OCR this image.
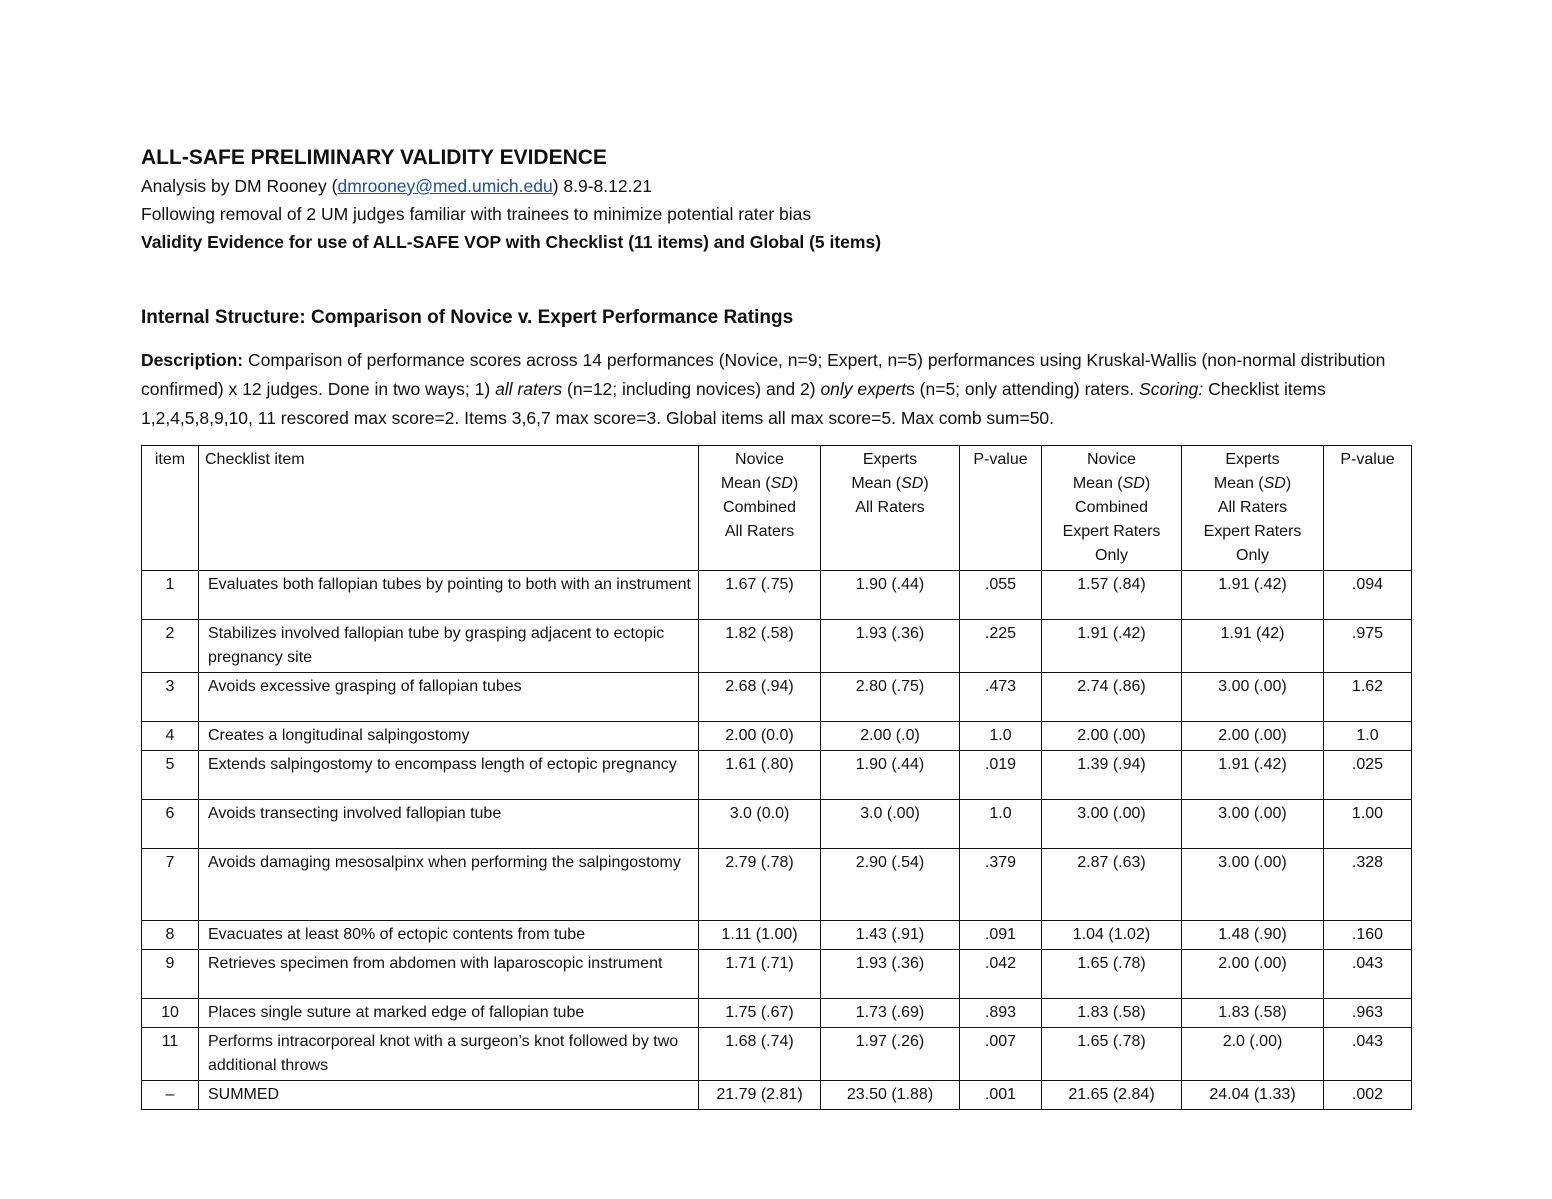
ALL-SAFE PRELIMINARY VALIDITY EVIDENCE

Analysis by DM Rooney (dmrooney@med.umich.edu) 8.9-8.12.21

Following removal of 2 UM judges familiar with trainees to minimize potential rater bias

Validity Evidence for use of ALL-SAFE VOP with Checklist (11 items) and Global (5 items)

Internal Structure: Comparison of Novice v. Expert Performance Ratings
Description: Comparison of performance scores across 14 performances (Novice, n=9; Expert, n=5) performances using Kruskal-Wallis (non-normal distribution confirmed) x 12 judges. Done in two ways; 1) all raters (n=12; including novices) and 2) only experts (n=5; only attending) raters. Scoring: Checklist items 1,2,4,5,8,9,10, 11 rescored max score=2. Items 3,6,7 max score=3. Global items all max score=5. Max comb sum=50.
item	Checklist item	Novice
Mean (SD)
Combined
All Raters	Experts
Mean (SD)
All Raters	P-value	Novice
Mean (SD)
Combined
Expert Raters
Only	Experts
Mean (SD)
All Raters
Expert Raters
Only	P-value
1	Evaluates both fallopian tubes by pointing to both with an instrument	1.67 (.75)	1.90 (.44)	.055	1.57 (.84)	1.91 (.42)	.094
2	Stabilizes involved fallopian tube by grasping adjacent to ectopic pregnancy site	1.82 (.58)	1.93 (.36)	.225	1.91 (.42)	1.91 (42)	.975
3	Avoids excessive grasping of fallopian tubes	2.68 (.94)	2.80 (.75)	.473	2.74 (.86)	3.00 (.00)	1.62
4	Creates a longitudinal salpingostomy	2.00 (0.0)	2.00 (.0)	1.0	2.00 (.00)	2.00 (.00)	1.0
5	Extends salpingostomy to encompass length of ectopic pregnancy	1.61 (.80)	1.90 (.44)	.019	1.39 (.94)	1.91 (.42)	.025
6	Avoids transecting involved fallopian tube	3.0 (0.0)	3.0 (.00)	1.0	3.00 (.00)	3.00 (.00)	1.00
7	Avoids damaging mesosalpinx when performing the salpingostomy	2.79 (.78)	2.90 (.54)	.379	2.87 (.63)	3.00 (.00)	.328
8	Evacuates at least 80% of ectopic contents from tube	1.11 (1.00)	1.43 (.91)	.091	1.04 (1.02)	1.48 (.90)	.160
9	Retrieves specimen from abdomen with laparoscopic instrument	1.71 (.71)	1.93 (.36)	.042	1.65 (.78)	2.00 (.00)	.043
10	Places single suture at marked edge of fallopian tube	1.75 (.67)	1.73 (.69)	.893	1.83 (.58)	1.83 (.58)	.963
11	Performs intracorporeal knot with a surgeon’s knot followed by two additional throws	1.68 (.74)	1.97 (.26)	.007	1.65 (.78)	2.0 (.00)	.043
–	SUMMED	21.79 (2.81)	23.50 (1.88)	.001	21.65 (2.84)	24.04 (1.33)	.002
